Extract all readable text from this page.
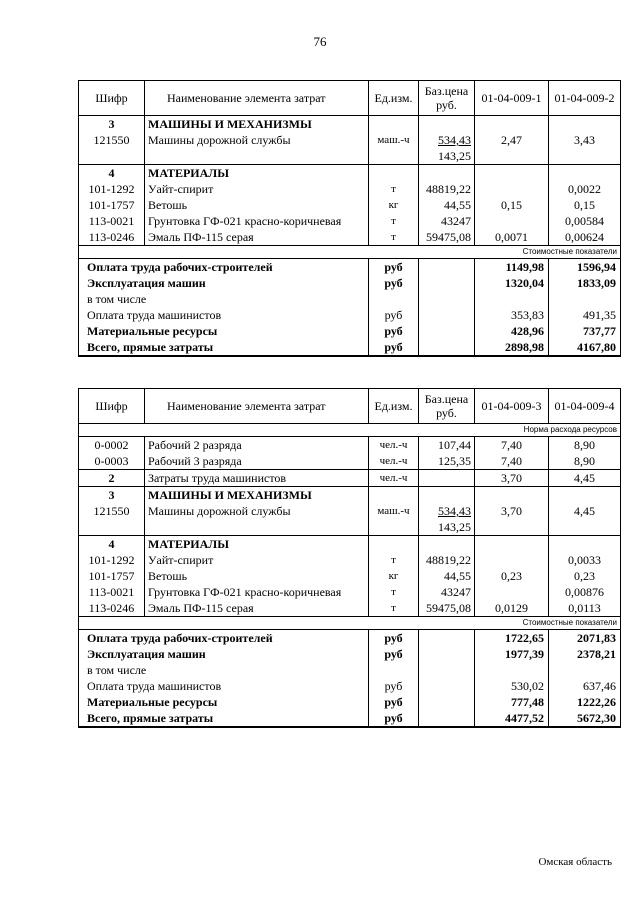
76
Шифр	Наименование элемента затрат	Ед.изм.	Баз.цена руб.	01-04-009-1	01-04-009-2
3	МАШИНЫ И МЕХАНИЗМЫ				
121550	Машины дорожной службы	маш.-ч	534,43	2,47	3,43
			143,25		
4	МАТЕРИАЛЫ				
101-1292	Уайт-спирит	т	48819,22		0,0022
101-1757	Ветошь	кг	44,55	0,15	0,15
113-0021	Грунтовка ГФ-021 красно-коричневая	т	43247		0,00584
113-0246	Эмаль ПФ-115 серая	т	59475,08	0,0071	0,00624
				Стоимостные показатели	
Оплата труда рабочих-строителей		руб		1149,98	1596,94
Эксплуатация машин		руб		1320,04	1833,09
в том числе					
Оплата труда машинистов		руб		353,83	491,35
Материальные ресурсы		руб		428,96	737,77
Всего, прямые затраты		руб		2898,98	4167,80
Шифр	Наименование элемента затрат	Ед.изм.	Баз.цена руб.	01-04-009-3	01-04-009-4
				Норма расхода ресурсов	
0-0002	Рабочий 2 разряда	чел.-ч	107,44	7,40	8,90
0-0003	Рабочий 3 разряда	чел.-ч	125,35	7,40	8,90
2	Затраты труда машинистов	чел.-ч		3,70	4,45
3	МАШИНЫ И МЕХАНИЗМЫ				
121550	Машины дорожной службы	маш.-ч	534,43	3,70	4,45
			143,25		
4	МАТЕРИАЛЫ				
101-1292	Уайт-спирит	т	48819,22		0,0033
101-1757	Ветошь	кг	44,55	0,23	0,23
113-0021	Грунтовка ГФ-021 красно-коричневая	т	43247		0,00876
113-0246	Эмаль ПФ-115 серая	т	59475,08	0,0129	0,0113
				Стоимостные показатели	
Оплата труда рабочих-строителей		руб		1722,65	2071,83
Эксплуатация машин		руб		1977,39	2378,21
в том числе					
Оплата труда машинистов		руб		530,02	637,46
Материальные ресурсы		руб		777,48	1222,26
Всего, прямые затраты		руб		4477,52	5672,30
Омская область
